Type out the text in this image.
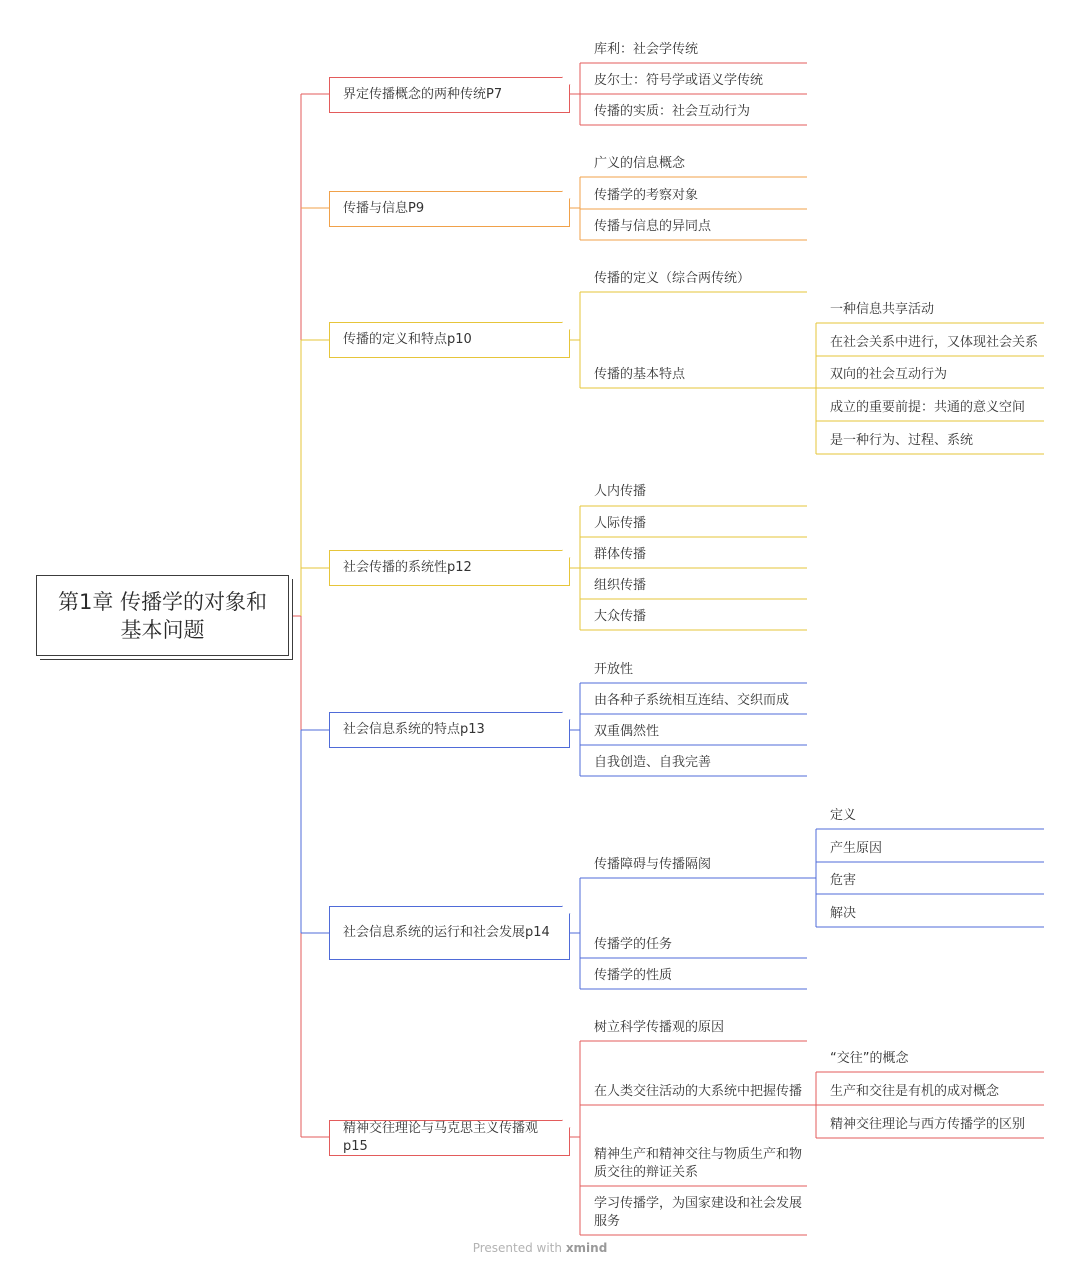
第1章 传播学的对象和基本问题
界定传播概念的两种传统P7
传播与信息P9
传播的定义和特点p10
社会传播的系统性p12
社会信息系统的特点p13
社会信息系统的运行和社会发展p14
精神交往理论与马克思主义传播观p15
库利：社会学传统
皮尔士：符号学或语义学传统
传播的实质：社会互动行为
广义的信息概念
传播学的考察对象
传播与信息的异同点
传播的定义（综合两传统）
传播的基本特点
一种信息共享活动
在社会关系中进行，又体现社会关系
双向的社会互动行为
成立的重要前提：共通的意义空间
是一种行为、过程、系统
人内传播
人际传播
群体传播
组织传播
大众传播
开放性
由各种子系统相互连结、交织而成
双重偶然性
自我创造、自我完善
传播障碍与传播隔阂
定义
产生原因
危害
解决
传播学的任务
传播学的性质
树立科学传播观的原因
在人类交往活动的大系统中把握传播
“交往”的概念
生产和交往是有机的成对概念
精神交往理论与西方传播学的区别
精神生产和精神交往与物质生产和物质交往的辩证关系
学习传播学，为国家建设和社会发展服务
Presented with xmind
